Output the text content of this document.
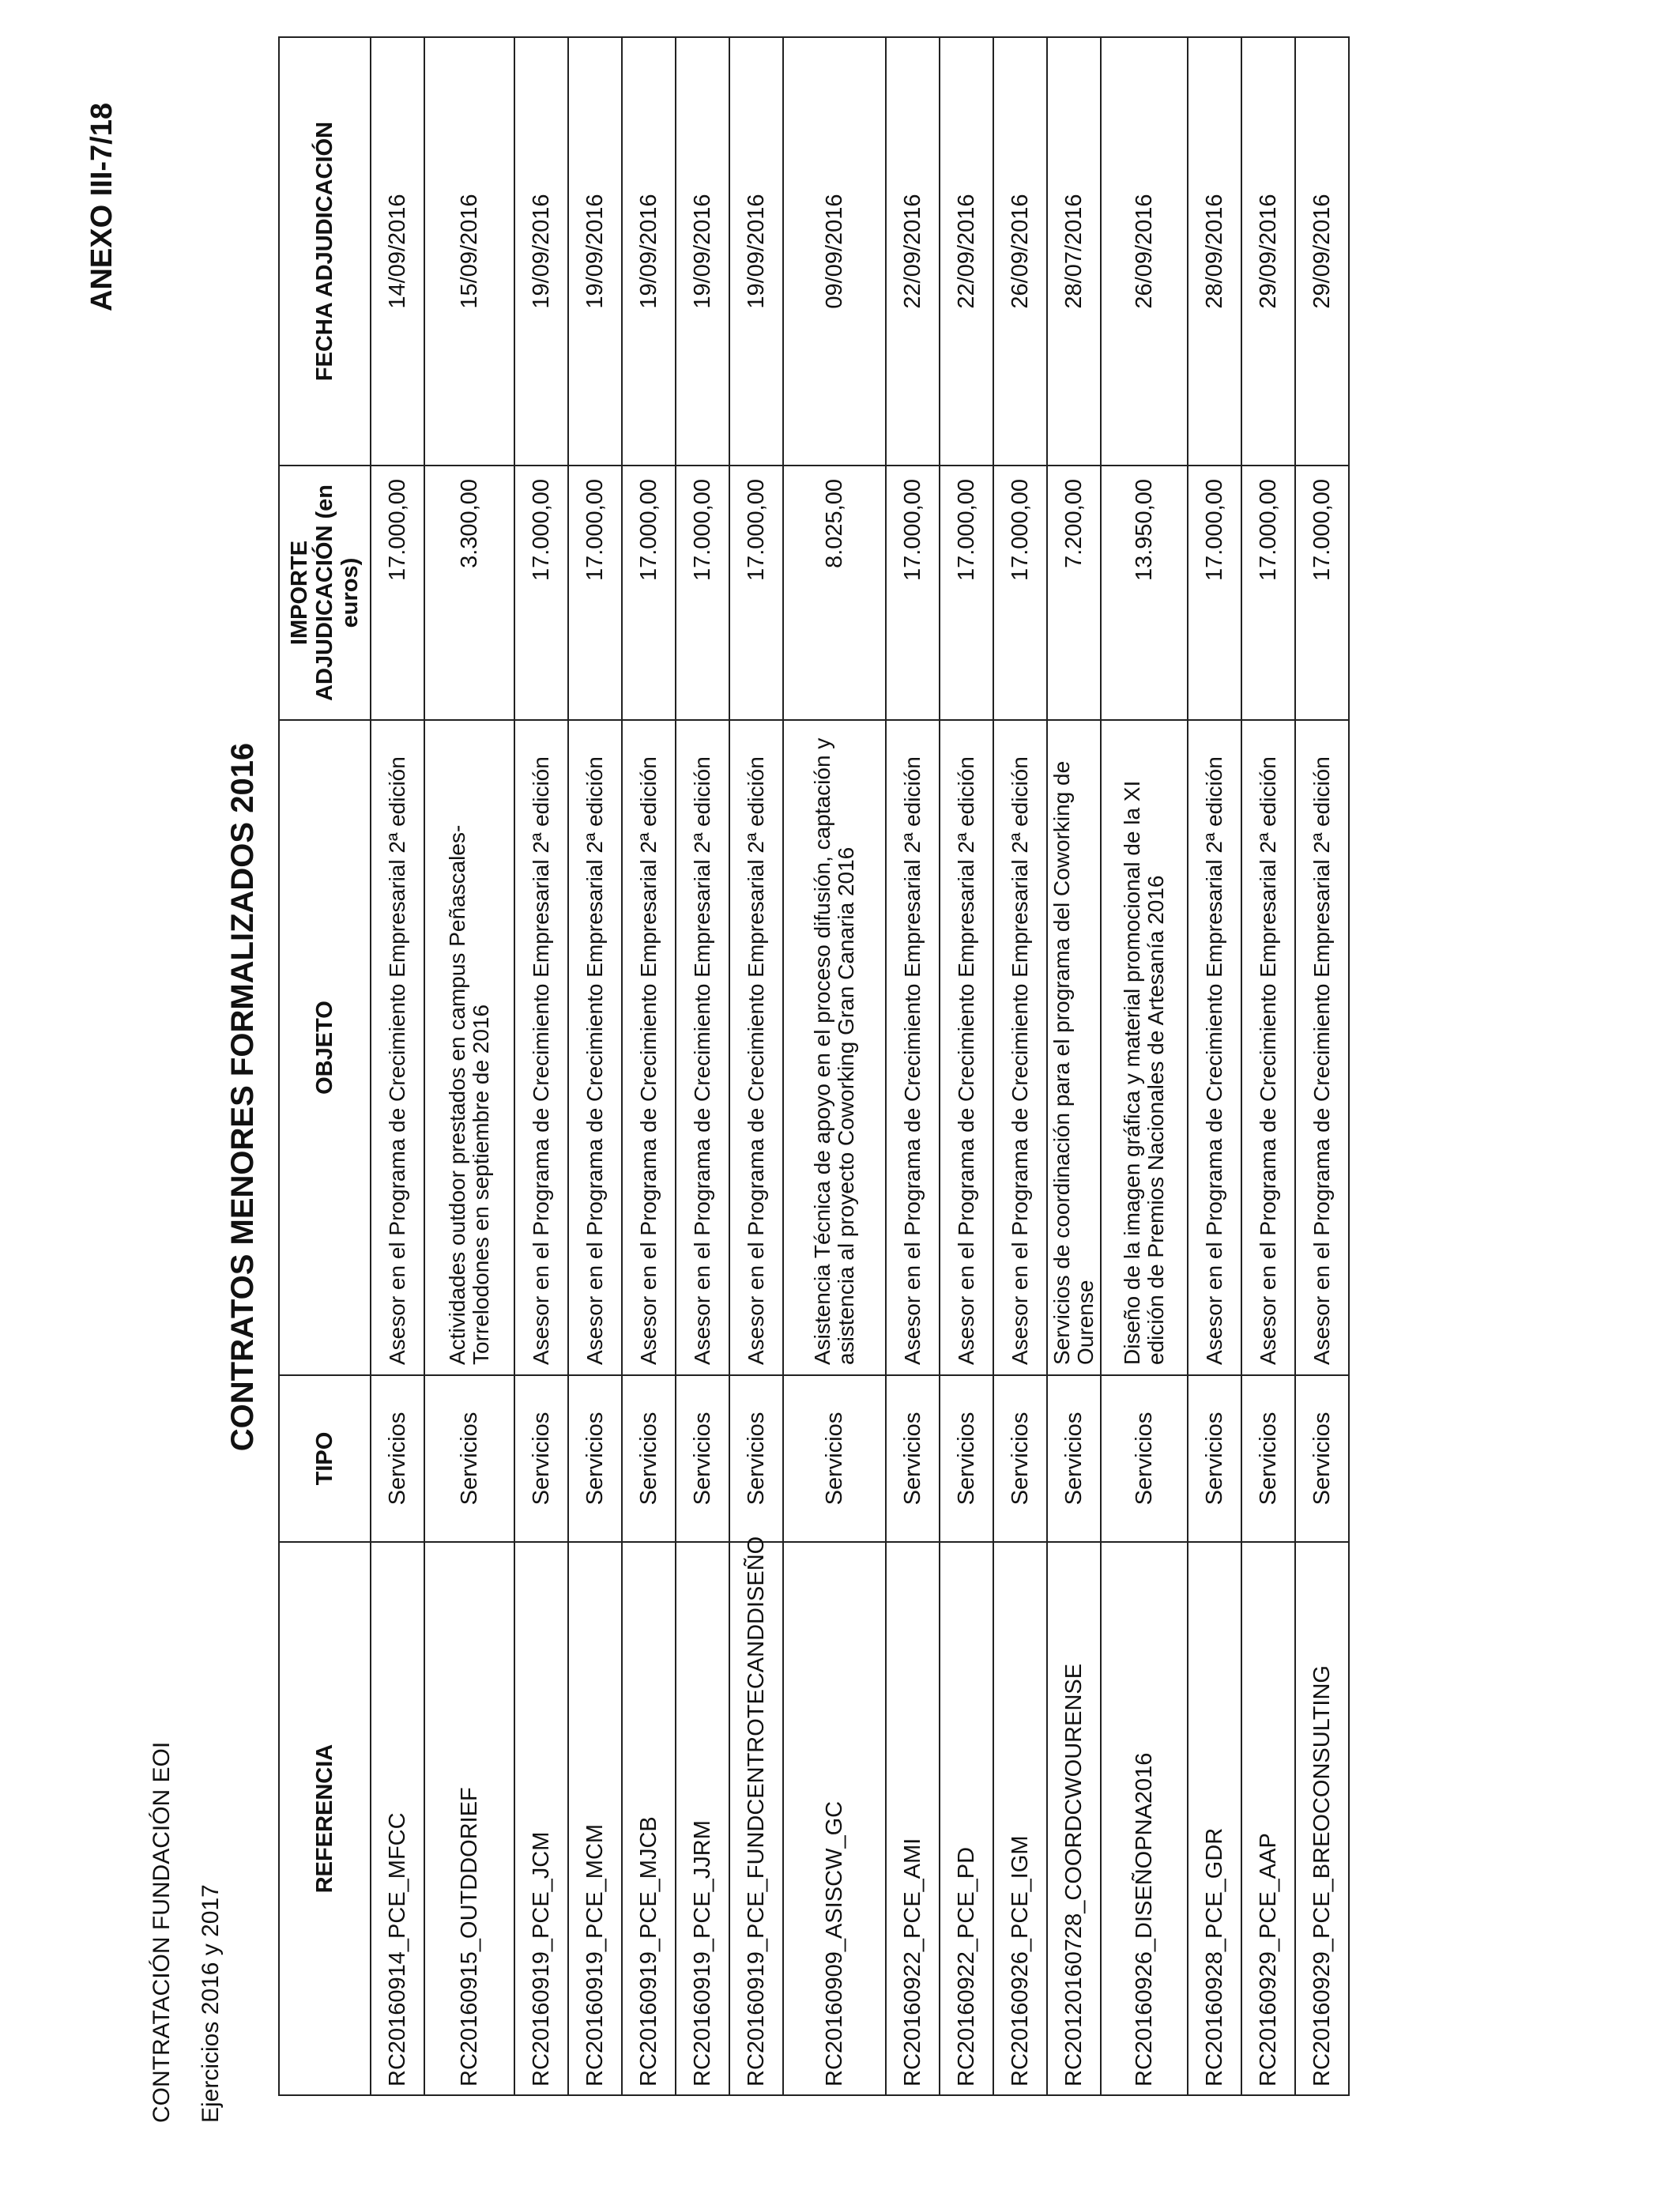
CONTRATACIÓN FUNDACIÓN EOI Ejercicios 2016 y 2017
ANEXO III-7/18
CONTRATOS MENORES FORMALIZADOS 2016
REFERENCIA	TIPO	OBJETO	IMPORTE ADJUDICACIÓN (en euros)	FECHA ADJUDICACIÓN
RC20160914_PCE_MFCC	Servicios	Asesor en el Programa de Crecimiento Empresarial 2ª edición	17.000,00	14/09/2016
RC20160915_OUTDDORIEF	Servicios	Actividades outdoor prestados en campus Peñascales-Torrelodones en septiembre de 2016	3.300,00	15/09/2016
RC20160919_PCE_JCM	Servicios	Asesor en el Programa de Crecimiento Empresarial 2ª edición	17.000,00	19/09/2016
RC20160919_PCE_MCM	Servicios	Asesor en el Programa de Crecimiento Empresarial 2ª edición	17.000,00	19/09/2016
RC20160919_PCE_MJCB	Servicios	Asesor en el Programa de Crecimiento Empresarial 2ª edición	17.000,00	19/09/2016
RC20160919_PCE_JJRM	Servicios	Asesor en el Programa de Crecimiento Empresarial 2ª edición	17.000,00	19/09/2016
RC20160919_PCE_FUNDCENTROTECANDDISEÑO	Servicios	Asesor en el Programa de Crecimiento Empresarial 2ª edición	17.000,00	19/09/2016
RC20160909_ASISCW_GC	Servicios	Asistencia Técnica de apoyo en el proceso difusión, captación y asistencia al proyecto Coworking Gran Canaria 2016	8.025,00	09/09/2016
RC20160922_PCE_AMI	Servicios	Asesor en el Programa de Crecimiento Empresarial 2ª edición	17.000,00	22/09/2016
RC20160922_PCE_PD	Servicios	Asesor en el Programa de Crecimiento Empresarial 2ª edición	17.000,00	22/09/2016
RC20160926_PCE_IGM	Servicios	Asesor en el Programa de Crecimiento Empresarial 2ª edición	17.000,00	26/09/2016
RC20120160728_COORDCWOURENSE	Servicios	Servicios de coordinación para el programa del Coworking de Ourense	7.200,00	28/07/2016
RC20160926_DISEÑOPNA2016	Servicios	Diseño de la imagen gráfica y material promocional de la XI edición de Premios Nacionales de Artesanía 2016	13.950,00	26/09/2016
RC20160928_PCE_GDR	Servicios	Asesor en el Programa de Crecimiento Empresarial 2ª edición	17.000,00	28/09/2016
RC20160929_PCE_AAP	Servicios	Asesor en el Programa de Crecimiento Empresarial 2ª edición	17.000,00	29/09/2016
RC20160929_PCE_BREOCONSULTING	Servicios	Asesor en el Programa de Crecimiento Empresarial 2ª edición	17.000,00	29/09/2016
